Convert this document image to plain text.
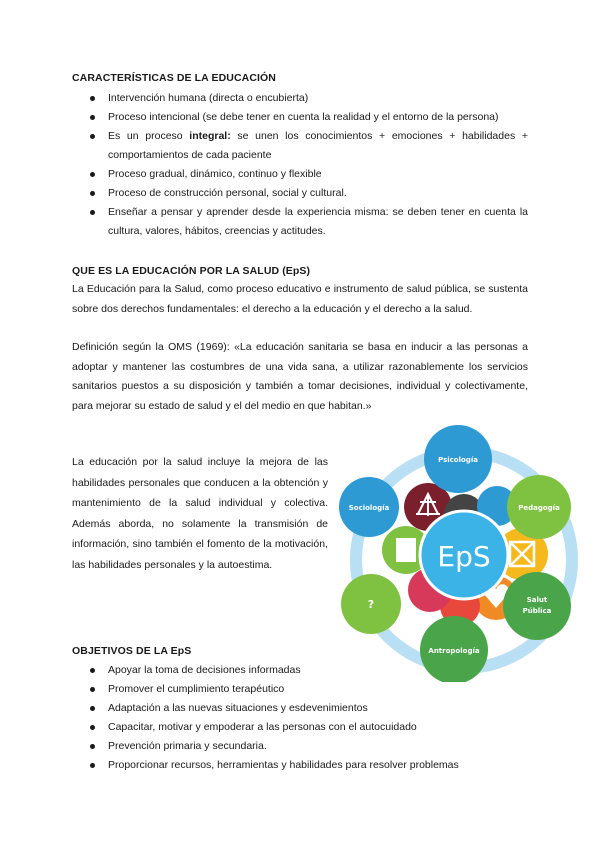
CARACTERÍSTICAS DE LA EDUCACIÓN
Intervención humana (directa o encubierta)
Proceso intencional (se debe tener en cuenta la realidad y el entorno de la persona)
Es un proceso integral: se unen los conocimientos + emociones + habilidades + comportamientos de cada paciente
Proceso gradual, dinámico, continuo y flexible
Proceso de construcción personal, social y cultural.
Enseñar a pensar y aprender desde la experiencia misma: se deben tener en cuenta la cultura, valores, hábitos, creencias y actitudes.
QUE ES LA EDUCACIÓN POR LA SALUD (EpS)

La Educación para la Salud, como proceso educativo e instrumento de salud pública, se sustenta sobre dos derechos fundamentales: el derecho a la educación y el derecho a la salud.

Definición según la OMS (1969): «La educación sanitaria se basa en inducir a las personas a adoptar y mantener las costumbres de una vida sana, a utilizar razonablemente los servicios sanitarios puestos a su disposición y también a tomar decisiones, individual y colectivamente, para mejorar su estado de salud y el del medio en que habitan.»

La educación por la salud incluye la mejora de las habilidades personales que conducen a la obtención y mantenimiento de la salud individual y colectiva. Además aborda, no solamente la transmisión de información, sino también el fomento de la motivación, las habilidades personales y la autoestima.	EpS
Psicología
Pedagogía
Salut
Pública
Antropología
?
Sociología
OBJETIVOS DE LA EpS
Apoyar la toma de decisiones informadas
Promover el cumplimiento terapéutico
Adaptación a las nuevas situaciones y esdevenimientos
Capacitar, motivar y empoderar a las personas con el autocuidado
Prevención primaria y secundaria.
Proporcionar recursos, herramientas y habilidades para resolver problemas
